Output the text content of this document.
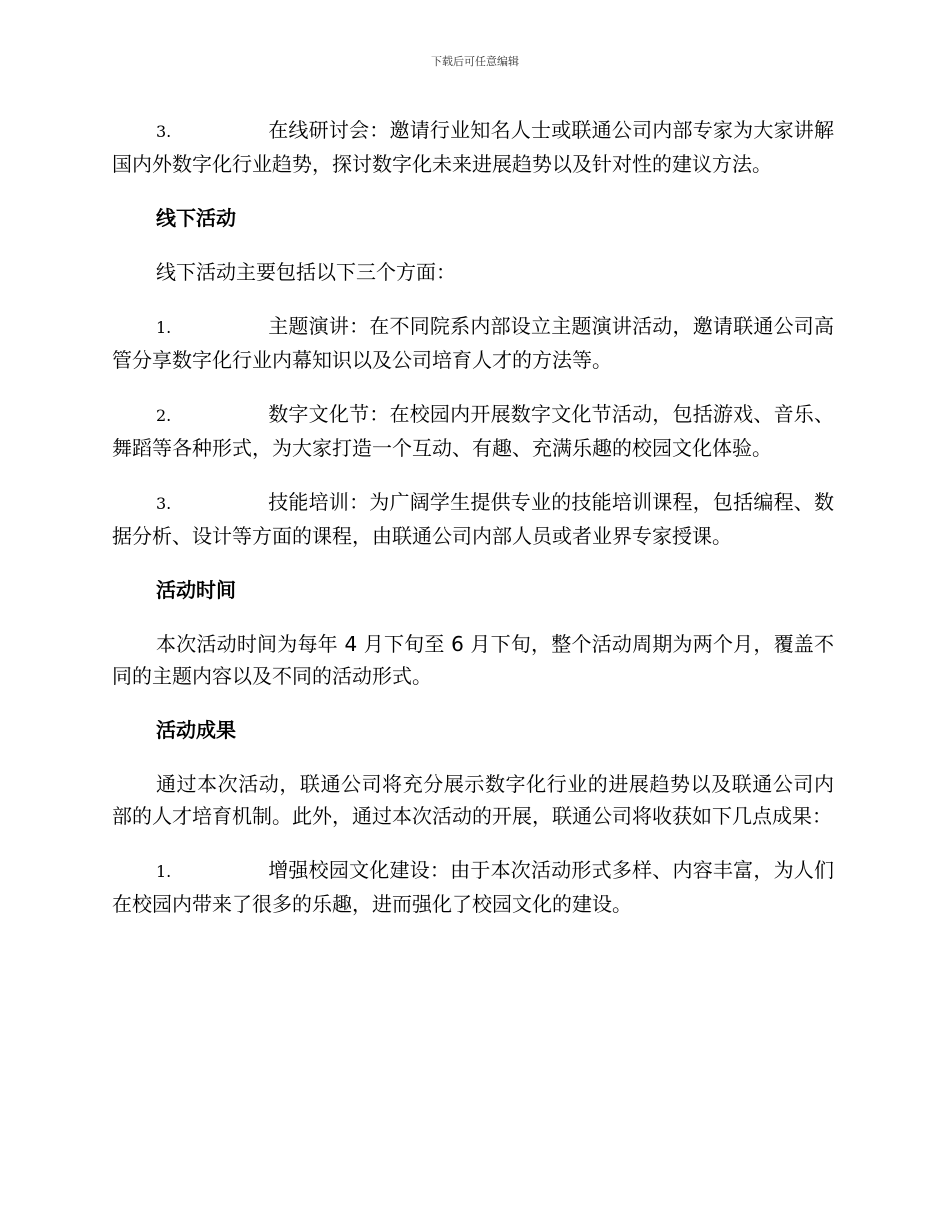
下载后可任意编辑

3.	在线研讨会：邀请行业知名人士或联通公司内部专家为大家讲解国内外数字化行业趋势，探讨数字化未来进展趋势以及针对性的建议方法。

线下活动

线下活动主要包括以下三个方面：

1.	主题演讲：在不同院系内部设立主题演讲活动，邀请联通公司高管分享数字化行业内幕知识以及公司培育人才的方法等。

2.	数字文化节：在校园内开展数字文化节活动，包括游戏、音乐、舞蹈等各种形式，为大家打造一个互动、有趣、充满乐趣的校园文化体验。

3.	技能培训：为广阔学生提供专业的技能培训课程，包括编程、数据分析、设计等方面的课程，由联通公司内部人员或者业界专家授课。

活动时间

本次活动时间为每年 4 月下旬至 6 月下旬，整个活动周期为两个月，覆盖不同的主题内容以及不同的活动形式。

活动成果

通过本次活动，联通公司将充分展示数字化行业的进展趋势以及联通公司内部的人才培育机制。此外，通过本次活动的开展，联通公司将收获如下几点成果：

1.	增强校园文化建设：由于本次活动形式多样、内容丰富，为人们在校园内带来了很多的乐趣，进而强化了校园文化的建设。
